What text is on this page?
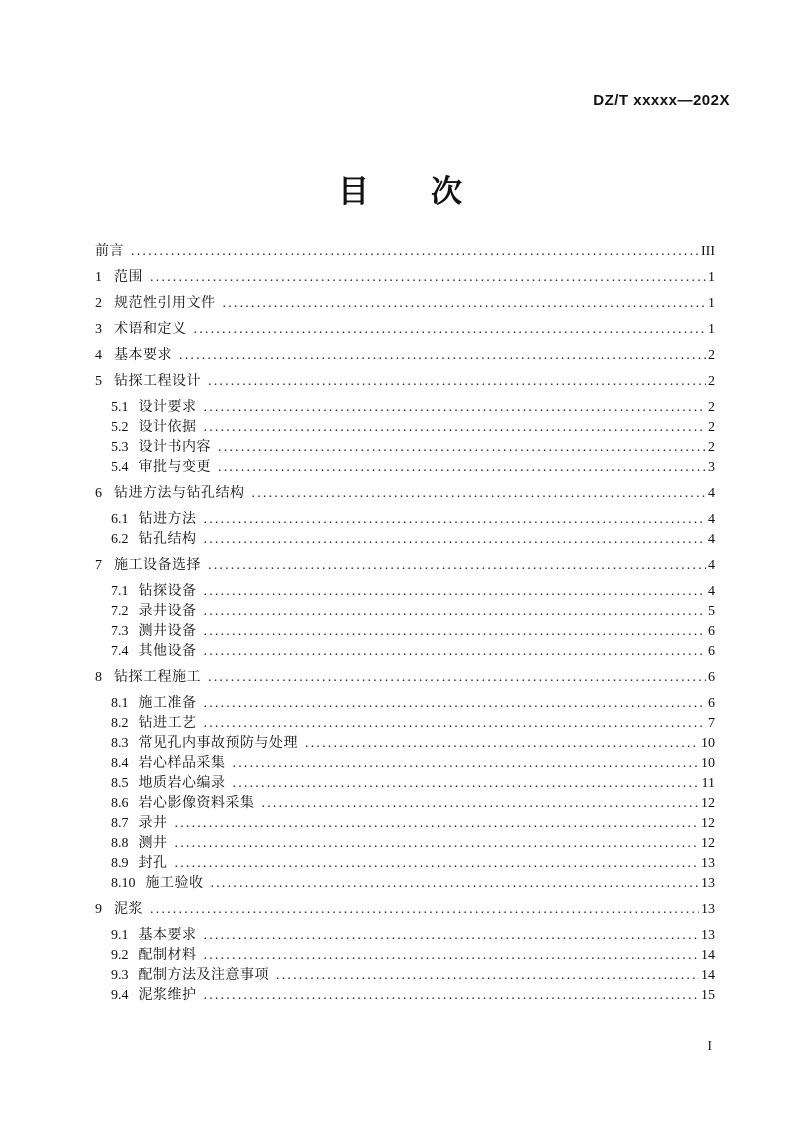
DZ/T xxxxx—202X
目　　次
前言 .....	III
1 范围 .....	1
2 规范性引用文件 .....	1
3 术语和定义 .....	1
4 基本要求 .....	2
5 钻探工程设计 .....	2
5.1 设计要求 .....	2
5.2 设计依据 .....	2
5.3 设计书内容 .....	2
5.4 审批与变更 .....	3
6 钻进方法与钻孔结构 .....	4
6.1 钻进方法 .....	4
6.2 钻孔结构 .....	4
7 施工设备选择 .....	4
7.1 钻探设备 .....	4
7.2 录井设备 .....	5
7.3 测井设备 .....	6
7.4 其他设备 .....	6
8 钻探工程施工 .....	6
8.1 施工准备 .....	6
8.2 钻进工艺 .....	7
8.3 常见孔内事故预防与处理 .....	10
8.4 岩心样品采集 .....	10
8.5 地质岩心编录 .....	11
8.6 岩心影像资料采集 .....	12
8.7 录井 .....	12
8.8 测井 .....	12
8.9 封孔 .....	13
8.10 施工验收 .....	13
9 泥浆 .....	13
9.1 基本要求 .....	13
9.2 配制材料 .....	14
9.3 配制方法及注意事项 .....	14
9.4 泥浆维护 .....	15
I
